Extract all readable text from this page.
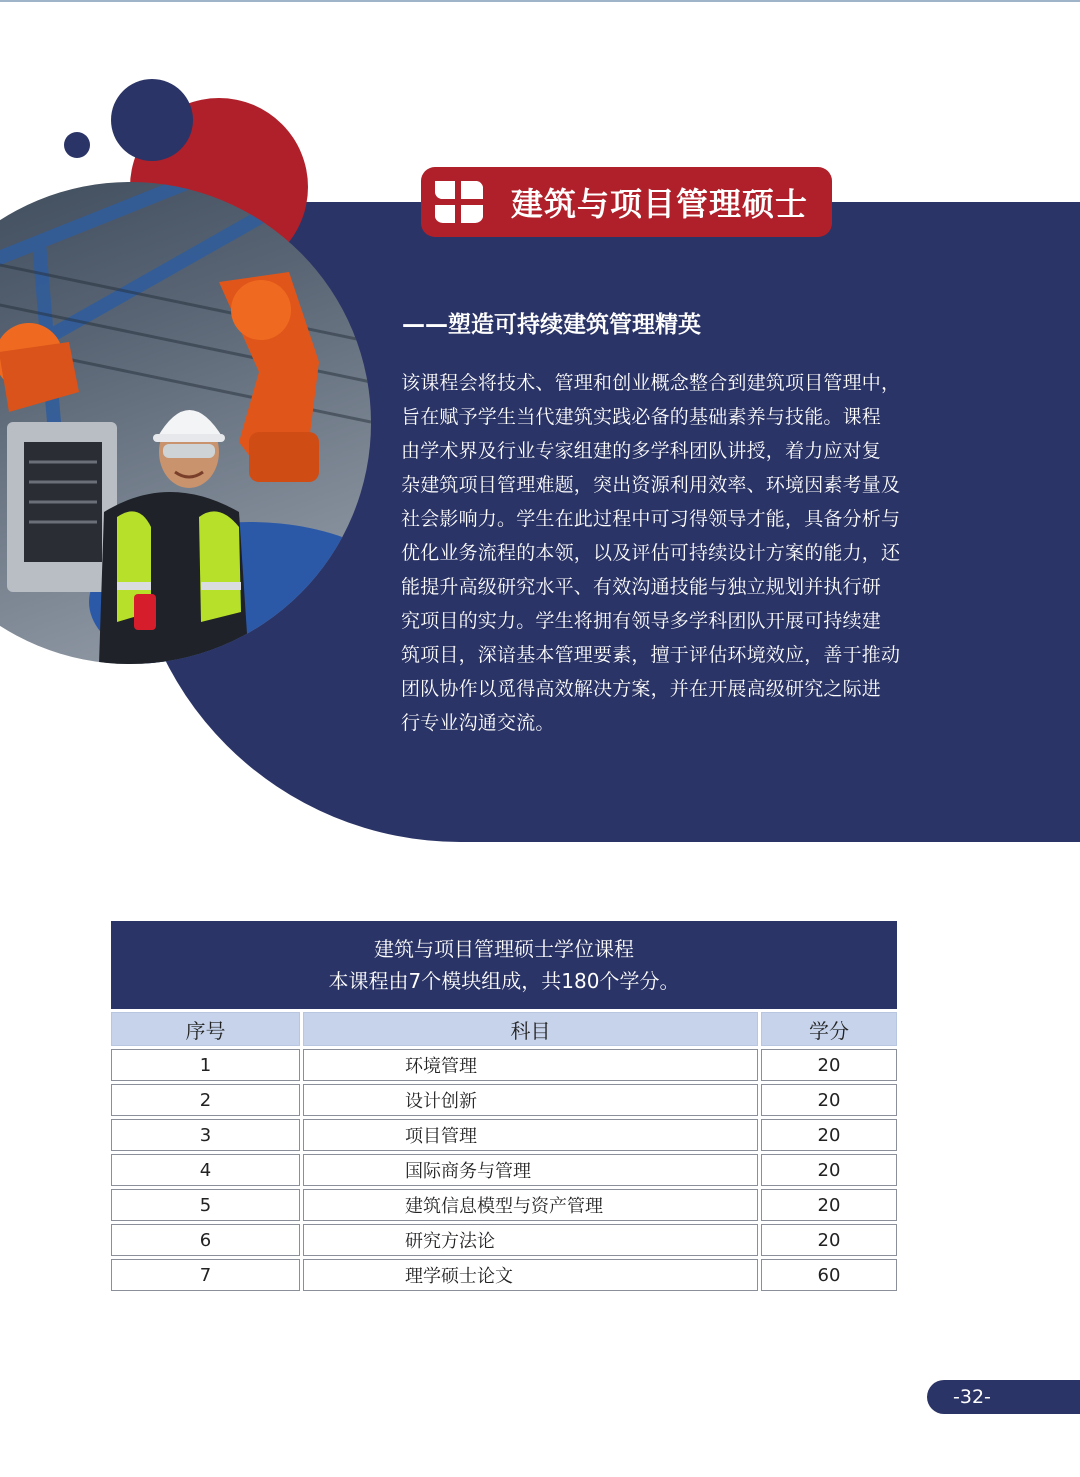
建筑与项目管理硕士
——塑造可持续建筑管理精英
该课程会将技术、管理和创业概念整合到建筑项目管理中，
旨在赋予学生当代建筑实践必备的基础素养与技能。课程
由学术界及行业专家组建的多学科团队讲授，着力应对复
杂建筑项目管理难题，突出资源利用效率、环境因素考量及
社会影响力。学生在此过程中可习得领导才能，具备分析与
优化业务流程的本领，以及评估可持续设计方案的能力，还
能提升高级研究水平、有效沟通技能与独立规划并执行研
究项目的实力。学生将拥有领导多学科团队开展可持续建
筑项目，深谙基本管理要素，擅于评估环境效应，善于推动
团队协作以觅得高效解决方案，并在开展高级研究之际进
行专业沟通交流。
建筑与项目管理硕士学位课程
本课程由7个模块组成，共180个学分。
序号	科目	学分
1	环境管理	20
2	设计创新	20
3	项目管理	20
4	国际商务与管理	20
5	建筑信息模型与资产管理	20
6	研究方法论	20
7	理学硕士论文	60
-32-
